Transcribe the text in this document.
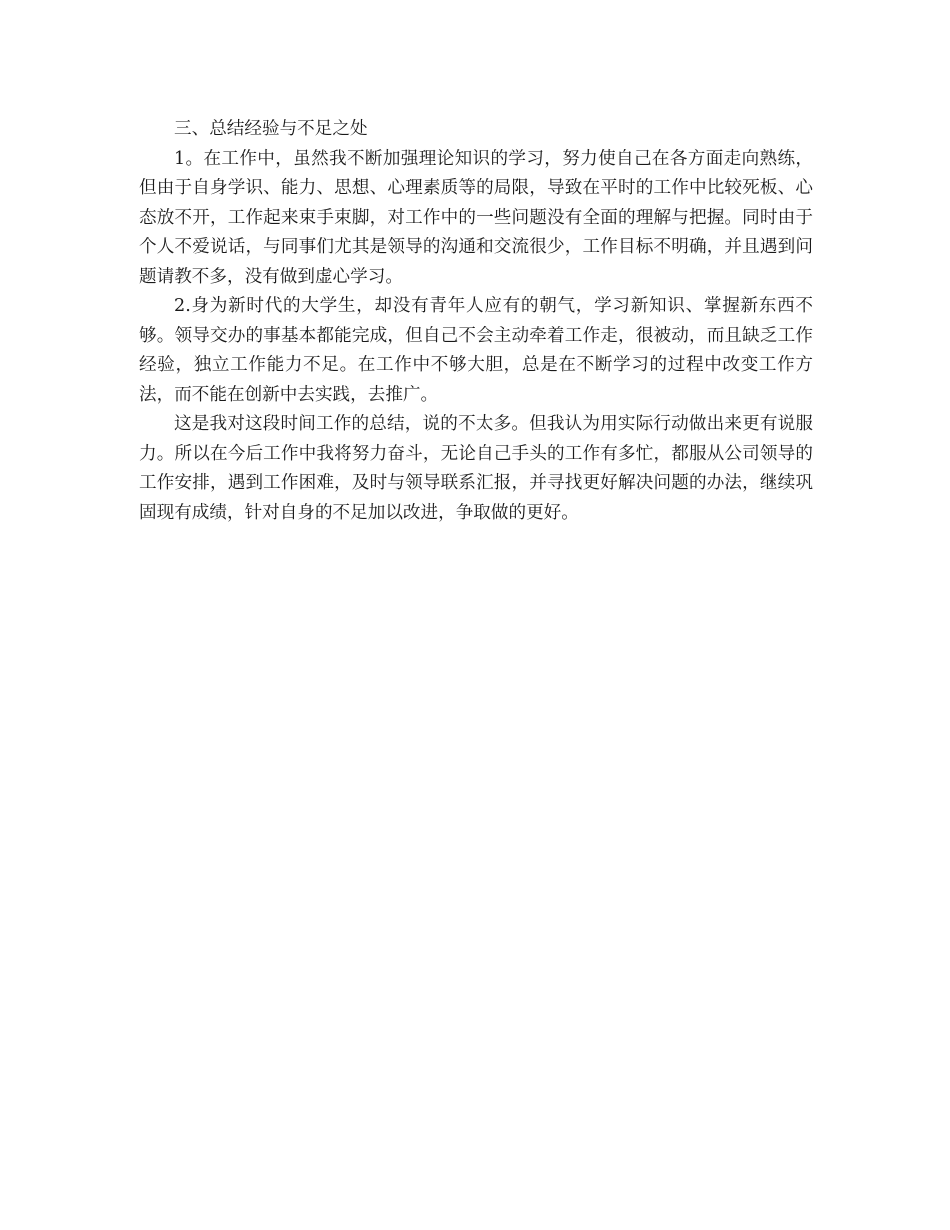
三、总结经验与不足之处

1。在工作中，虽然我不断加强理论知识的学习，努力使自己在各方面走向熟练，但由于自身学识、能力、思想、心理素质等的局限，导致在平时的工作中比较死板、心态放不开，工作起来束手束脚，对工作中的一些问题没有全面的理解与把握。同时由于个人不爱说话，与同事们尤其是领导的沟通和交流很少，工作目标不明确，并且遇到问题请教不多，没有做到虚心学习。

2.身为新时代的大学生，却没有青年人应有的朝气，学习新知识、掌握新东西不够。领导交办的事基本都能完成，但自己不会主动牵着工作走，很被动，而且缺乏工作经验，独立工作能力不足。在工作中不够大胆，总是在不断学习的过程中改变工作方法，而不能在创新中去实践，去推广。

这是我对这段时间工作的总结，说的不太多。但我认为用实际行动做出来更有说服力。所以在今后工作中我将努力奋斗，无论自己手头的工作有多忙，都服从公司领导的工作安排，遇到工作困难，及时与领导联系汇报，并寻找更好解决问题的办法，继续巩固现有成绩，针对自身的不足加以改进，争取做的更好。
